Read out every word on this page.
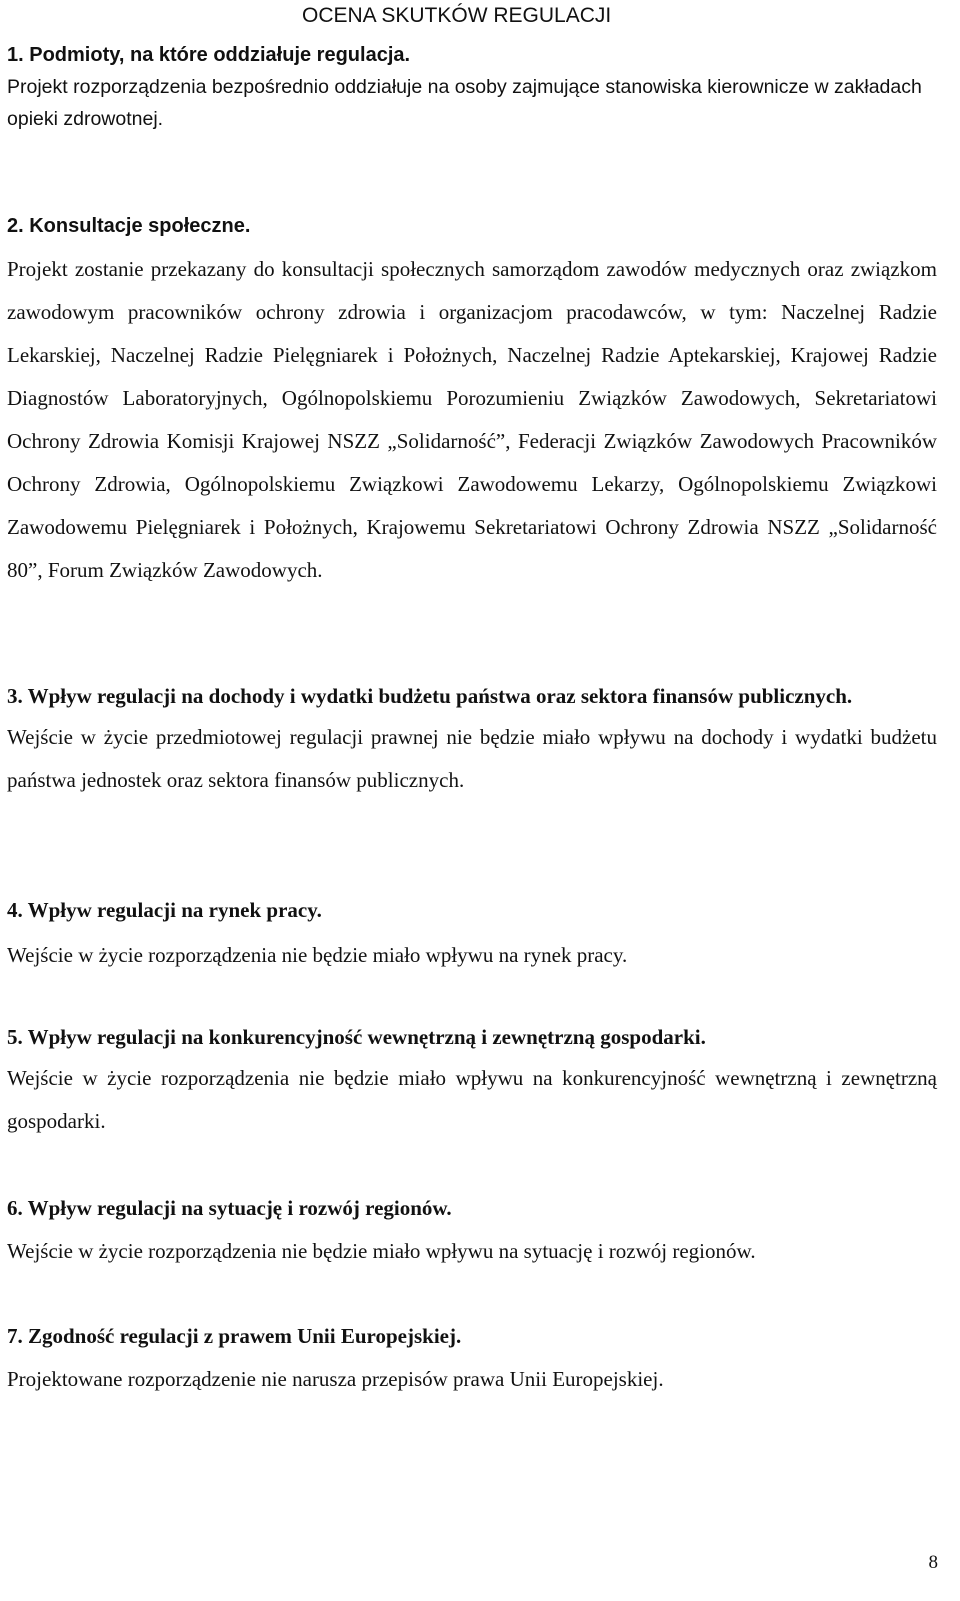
OCENA SKUTKÓW REGULACJI
1. Podmioty, na które oddziałuje regulacja.

Projekt rozporządzenia bezpośrednio oddziałuje na osoby zajmujące stanowiska kierownicze w zakładach opieki zdrowotnej.

2. Konsultacje społeczne.

Projekt zostanie przekazany do konsultacji społecznych samorządom zawodów medycznych oraz związkom zawodowym pracowników ochrony zdrowia i organizacjom pracodawców, w tym: Naczelnej Radzie Lekarskiej, Naczelnej Radzie Pielęgniarek i Położnych, Naczelnej Radzie Aptekarskiej, Krajowej Radzie Diagnostów Laboratoryjnych, Ogólnopolskiemu Porozumieniu Związków Zawodowych, Sekretariatowi Ochrony Zdrowia Komisji Krajowej NSZZ „Solidarność”, Federacji Związków Zawodowych Pracowników Ochrony Zdrowia, Ogólnopolskiemu Związkowi Zawodowemu Lekarzy, Ogólnopolskiemu Związkowi Zawodowemu Pielęgniarek i Położnych, Krajowemu Sekretariatowi Ochrony Zdrowia NSZZ „Solidarność 80”, Forum Związków Zawodowych.

3. Wpływ regulacji na dochody i wydatki budżetu państwa oraz sektora finansów publicznych.

Wejście w życie przedmiotowej regulacji prawnej nie będzie miało wpływu na dochody i wydatki budżetu państwa jednostek oraz sektora finansów publicznych.

4. Wpływ regulacji na rynek pracy.

Wejście w życie rozporządzenia nie będzie miało wpływu na rynek pracy.

5. Wpływ regulacji na konkurencyjność wewnętrzną i zewnętrzną gospodarki.

Wejście w życie rozporządzenia nie będzie miało wpływu na konkurencyjność wewnętrzną i zewnętrzną gospodarki.

6. Wpływ regulacji na sytuację i rozwój regionów.

Wejście w życie rozporządzenia nie będzie miało wpływu na sytuację i rozwój regionów.

7. Zgodność regulacji z prawem Unii Europejskiej.

Projektowane rozporządzenie nie narusza przepisów prawa Unii Europejskiej.

8
